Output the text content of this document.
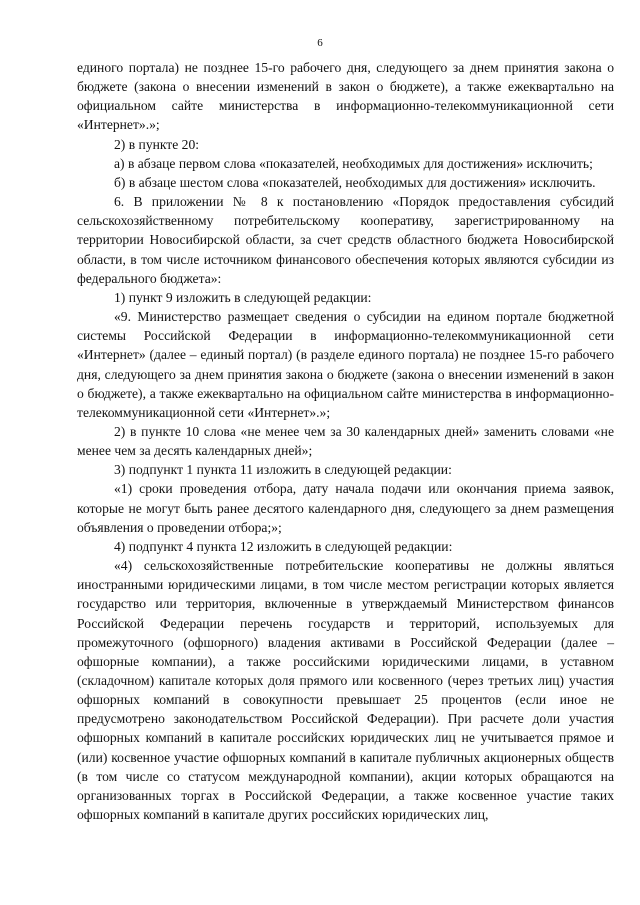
6

единого портала) не позднее 15-го рабочего дня, следующего за днем принятия закона о бюджете (закона о внесении изменений в закон о бюджете), а также ежеквартально на официальном сайте министерства в информационно-телекоммуникационной сети «Интернет».»;

2) в пункте 20:

а) в абзаце первом слова «показателей, необходимых для достижения» исключить;

б) в абзаце шестом слова «показателей, необходимых для достижения» исключить.

6. В приложении № 8 к постановлению «Порядок предоставления субсидий сельскохозяйственному потребительскому кооперативу, зарегистрированному на территории Новосибирской области, за счет средств областного бюджета Новосибирской области, в том числе источником финансового обеспечения которых являются субсидии из федерального бюджета»:

1) пункт 9 изложить в следующей редакции:

«9. Министерство размещает сведения о субсидии на едином портале бюджетной системы Российской Федерации в информационно-телекоммуникационной сети «Интернет» (далее – единый портал) (в разделе единого портала) не позднее 15-го рабочего дня, следующего за днем принятия закона о бюджете (закона о внесении изменений в закон о бюджете), а также ежеквартально на официальном сайте министерства в информационно-телекоммуникационной сети «Интернет».»;

2) в пункте 10 слова «не менее чем за 30 календарных дней» заменить словами «не менее чем за десять календарных дней»;

3) подпункт 1 пункта 11 изложить в следующей редакции:

«1) сроки проведения отбора, дату начала подачи или окончания приема заявок, которые не могут быть ранее десятого календарного дня, следующего за днем размещения объявления о проведении отбора;»;

4) подпункт 4 пункта 12 изложить в следующей редакции:

«4) сельскохозяйственные потребительские кооперативы не должны являться иностранными юридическими лицами, в том числе местом регистрации которых является государство или территория, включенные в утверждаемый Министерством финансов Российской Федерации перечень государств и территорий, используемых для промежуточного (офшорного) владения активами в Российской Федерации (далее – офшорные компании), а также российскими юридическими лицами, в уставном (складочном) капитале которых доля прямого или косвенного (через третьих лиц) участия офшорных компаний в совокупности превышает 25 процентов (если иное не предусмотрено законодательством Российской Федерации). При расчете доли участия офшорных компаний в капитале российских юридических лиц не учитывается прямое и (или) косвенное участие офшорных компаний в капитале публичных акционерных обществ (в том числе со статусом международной компании), акции которых обращаются на организованных торгах в Российской Федерации, а также косвенное участие таких офшорных компаний в капитале других российских юридических лиц,
